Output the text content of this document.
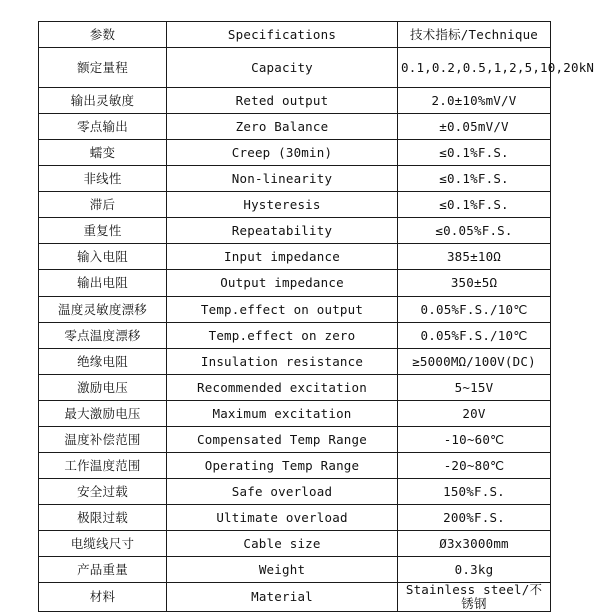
参数	Specifications	技术指标/Technique
额定量程	Capacity	0.1,0.2,0.5,1,2,5,10,20kN
输出灵敏度	Reted output	2.0±10%mV/V
零点输出	Zero Balance	±0.05mV/V
蠕变	Creep (30min)	≤0.1%F.S.
非线性	Non-linearity	≤0.1%F.S.
滞后	Hysteresis	≤0.1%F.S.
重复性	Repeatability	≤0.05%F.S.
输入电阻	Input impedance	385±10Ω
输出电阻	Output impedance	350±5Ω
温度灵敏度漂移	Temp.effect on output	0.05%F.S./10℃
零点温度漂移	Temp.effect on zero	0.05%F.S./10℃
绝缘电阻	Insulation resistance	≥5000MΩ/100V(DC)
激励电压	Recommended excitation	5~15V
最大激励电压	Maximum excitation	20V
温度补偿范围	Compensated Temp Range	-10~60℃
工作温度范围	Operating Temp Range	-20~80℃
安全过载	Safe overload	150%F.S.
极限过载	Ultimate overload	200%F.S.
电缆线尺寸	Cable size	Ø3x3000mm
产品重量	Weight	0.3kg
材料	Material	Stainless steel/不锈钢
